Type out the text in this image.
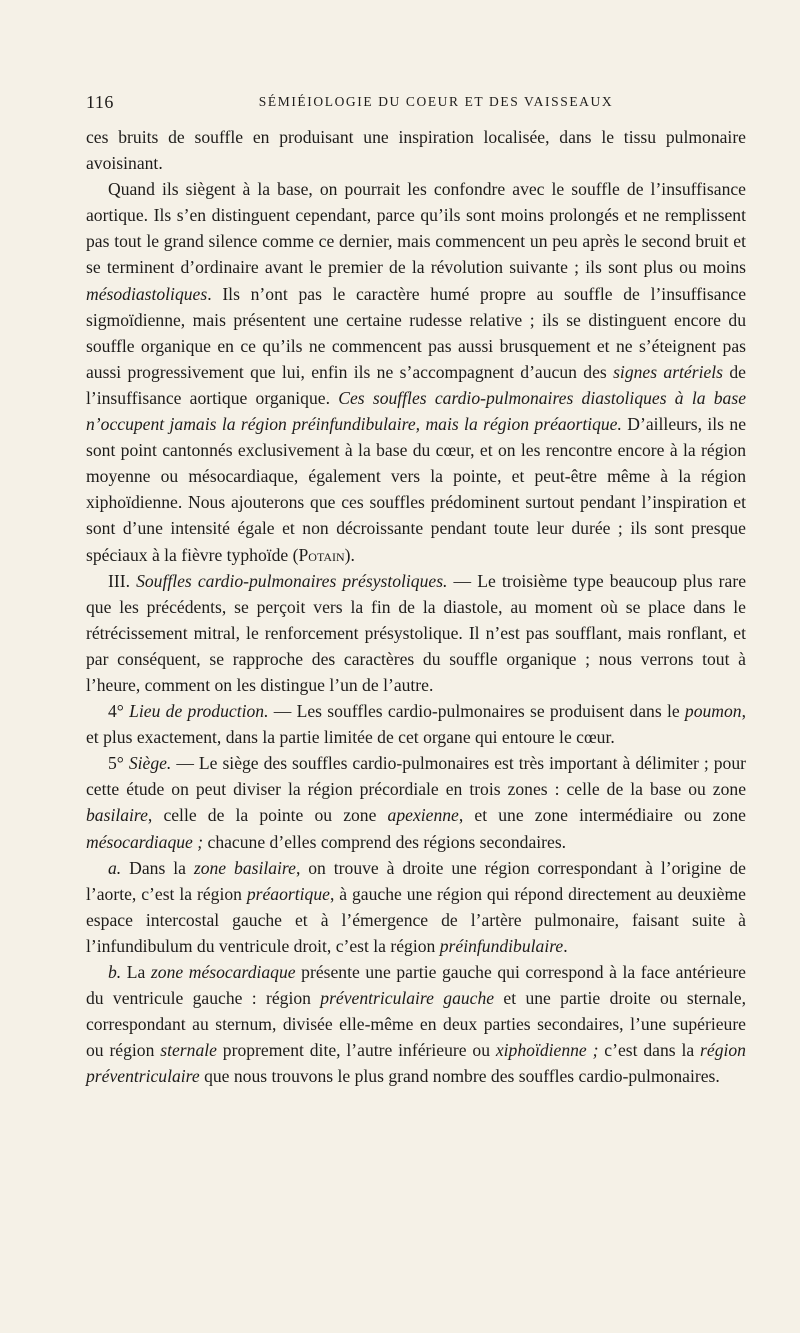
116	SÉMIÉIOLOGIE DU COEUR ET DES VAISSEAUX

ces bruits de souffle en produisant une inspiration localisée, dans le tissu pulmonaire avoisinant.

Quand ils siègent à la base, on pourrait les confondre avec le souffle de l’insuffisance aortique. Ils s’en distinguent cependant, parce qu’ils sont moins prolongés et ne remplissent pas tout le grand silence comme ce dernier, mais commencent un peu après le second bruit et se terminent d’ordinaire avant le premier de la révolution suivante ; ils sont plus ou moins mésodiastoliques. Ils n’ont pas le caractère humé propre au souffle de l’insuffisance sigmoïdienne, mais présentent une certaine rudesse relative ; ils se distinguent encore du souffle organique en ce qu’ils ne commencent pas aussi brusquement et ne s’éteignent pas aussi progressivement que lui, enfin ils ne s’accompagnent d’aucun des signes artériels de l’insuffisance aortique organique. Ces souffles cardio-pulmonaires diastoliques à la base n’occupent jamais la région préinfundibulaire, mais la région préaortique. D’ailleurs, ils ne sont point cantonnés exclusivement à la base du cœur, et on les rencontre encore à la région moyenne ou mésocardiaque, également vers la pointe, et peut-être même à la région xiphoïdienne. Nous ajouterons que ces souffles prédominent surtout pendant l’inspiration et sont d’une intensité égale et non décroissante pendant toute leur durée ; ils sont presque spéciaux à la fièvre typhoïde (Potain).

III. Souffles cardio-pulmonaires présystoliques. — Le troisième type beaucoup plus rare que les précédents, se perçoit vers la fin de la diastole, au moment où se place dans le rétrécissement mitral, le renforcement présystolique. Il n’est pas soufflant, mais ronflant, et par conséquent, se rapproche des caractères du souffle organique ; nous verrons tout à l’heure, comment on les distingue l’un de l’autre.

4° Lieu de production. — Les souffles cardio-pulmonaires se produisent dans le poumon, et plus exactement, dans la partie limitée de cet organe qui entoure le cœur.

5° Siège. — Le siège des souffles cardio-pulmonaires est très important à délimiter ; pour cette étude on peut diviser la région précordiale en trois zones : celle de la base ou zone basilaire, celle de la pointe ou zone apexienne, et une zone intermédiaire ou zone mésocardiaque ; chacune d’elles comprend des régions secondaires.

a. Dans la zone basilaire, on trouve à droite une région correspondant à l’origine de l’aorte, c’est la région préaortique, à gauche une région qui répond directement au deuxième espace intercostal gauche et à l’émergence de l’artère pulmonaire, faisant suite à l’infundibulum du ventricule droit, c’est la région préinfundibulaire.

b. La zone mésocardiaque présente une partie gauche qui correspond à la face antérieure du ventricule gauche : région préventriculaire gauche et une partie droite ou sternale, correspondant au sternum, divisée elle-même en deux parties secondaires, l’une supérieure ou région sternale proprement dite, l’autre inférieure ou xiphoïdienne ; c’est dans la région préventriculaire que nous trouvons le plus grand nombre des souffles cardio-pulmonaires.
